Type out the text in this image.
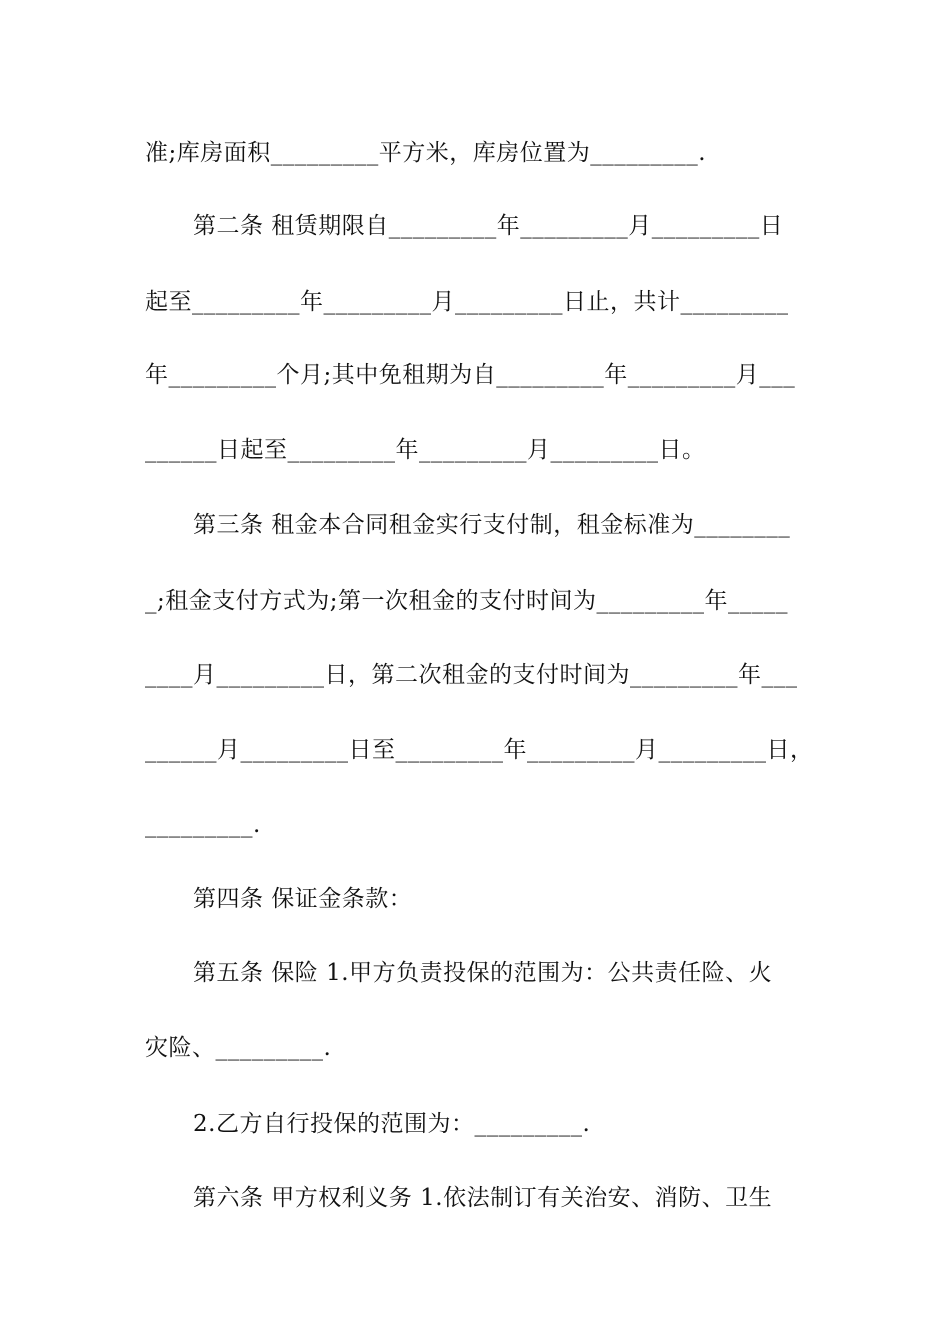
准;库房面积_________平方米，库房位置为_________.
第二条 租赁期限自_________年_________月_________日
起至_________年_________月_________日止，共计_________
年_________个月;其中免租期为自_________年_________月___
______日起至_________年_________月_________日。
第三条 租金本合同租金实行支付制，租金标准为________
_;租金支付方式为;第一次租金的支付时间为_________年_____
____月_________日，第二次租金的支付时间为_________年___
______月_________日至_________年_________月_________日，
_________.
第四条 保证金条款：
第五条 保险 1.甲方负责投保的范围为：公共责任险、火
灾险、_________.
2.乙方自行投保的范围为：_________.
第六条 甲方权利义务 1.依法制订有关治安、消防、卫生
